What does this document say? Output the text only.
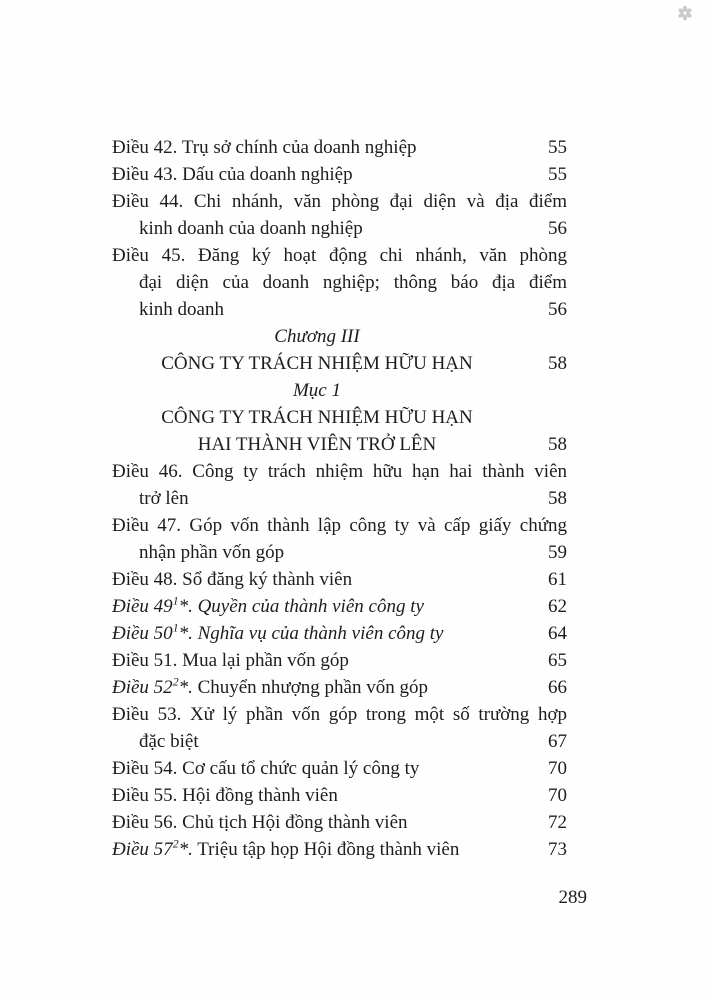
Điều 42. Trụ sở chính của doanh nghiệp	55
Điều 43. Dấu của doanh nghiệp	55
Điều 44. Chi nhánh, văn phòng đại diện và địa điểm
kinh doanh của doanh nghiệp	56
Điều 45. Đăng ký hoạt động chi nhánh, văn phòng
đại diện của doanh nghiệp; thông báo địa điểm
kinh doanh	56
Chương III
CÔNG TY TRÁCH NHIỆM HỮU HẠN	58
Mục 1
CÔNG TY TRÁCH NHIỆM HỮU HẠN
HAI THÀNH VIÊN TRỞ LÊN	58
Điều 46. Công ty trách nhiệm hữu hạn hai thành viên
trở lên	58
Điều 47. Góp vốn thành lập công ty và cấp giấy chứng
nhận phần vốn góp	59
Điều 48. Sổ đăng ký thành viên	61
Điều $49^1*$. Quyền của thành viên công ty	62
Điều $50^1*$. Nghĩa vụ của thành viên công ty	64
Điều 51. Mua lại phần vốn góp	65
Điều $52^2*$. Chuyển nhượng phần vốn góp	66
Điều 53. Xử lý phần vốn góp trong một số trường hợp
đặc biệt	67
Điều 54. Cơ cấu tổ chức quản lý công ty	70
Điều 55. Hội đồng thành viên	70
Điều 56. Chủ tịch Hội đồng thành viên	72
Điều $57^2*$. Triệu tập họp Hội đồng thành viên	73
289
